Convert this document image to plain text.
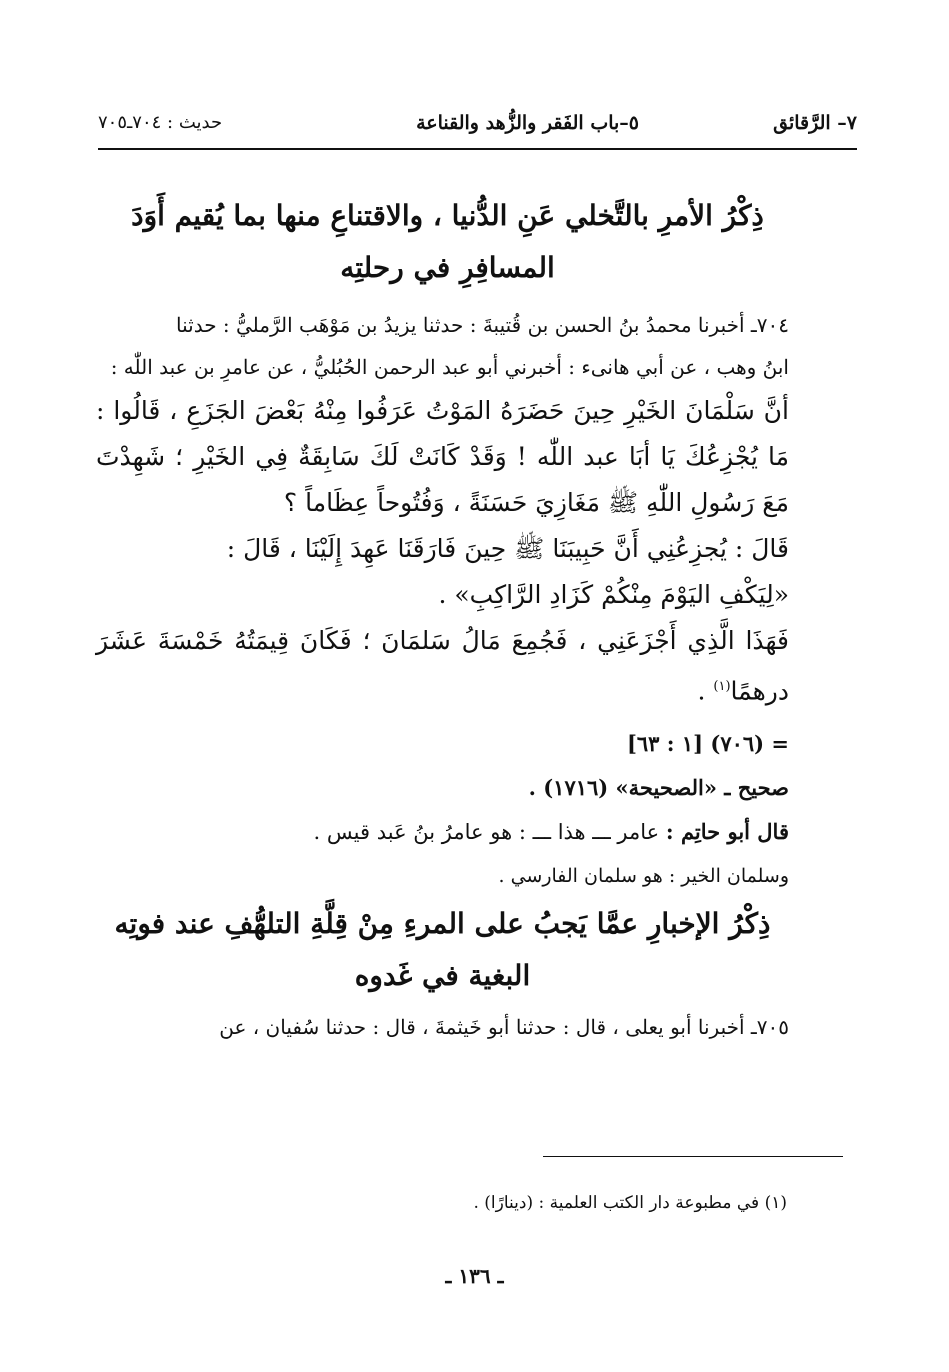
٧– الرَّقائق
٥–باب الفَقر والزُّهد والقناعة
حديث : ٧٠٤ـ٧٠٥

ذِكْرُ الأمرِ بالتَّخلي عَنِ الدُّنيا ، والاقتناعِ منها بما يُقيم أَوَدَ المسافِرِ في رحلتِه

٧٠٤ـ أخبرنا محمدُ بنُ الحسن بن قُتيبةَ : حدثنا يزيدُ بن مَوْهَب الرَّمليُّ : حدثنا

ابنُ وهب ، عن أبي هانىء : أخبرني أبو عبد الرحمن الحُبُليُّ ، عن عامرِ بن عبد اللّٰه :

أنَّ سَلْمَانَ الخَيْرِ حِينَ حَضَرَهُ المَوْتُ عَرَفُوا مِنْهُ بَعْضَ الجَزَعِ ، قَالُوا : مَا يُجْزِعُكَ يَا أبَا عبد اللّٰه ! وَقَدْ كَانَتْ لَكَ سَابِقَةٌ فِي الخَيْرِ ؛ شَهِدْتَ مَعَ رَسُولِ اللّٰهِ ﷺ مَغَازِيَ حَسَنَةً ، وَفُتُوحاً عِظَاماً ؟

قَالَ : يُجزِعُنِي أَنَّ حَبِيبَنَا ﷺ حِينَ فَارَقَنَا عَهِدَ إِلَيْنَا ، قَالَ :

«لِيَكْفِ اليَوْمَ مِنْكُمْ كَزَادِ الرَّاكِبِ» .

فَهَذَا الَّذِي أَجْزَعَنِي ، فَجُمِعَ مَالُ سَلمَانَ ؛ فَكَانَ قِيمَتُهُ خَمْسَةَ عَشَرَ درهمًا$^{(١)}$ .

= (٧٠٦) [١ : ٦٣]

صحيح ـ «الصحيحة» (١٧١٦) .

قال أبو حاتِم : عامر ـــ هذا ـــ : هو عامرُ بنُ عَبد قيس .

وسلمان الخير : هو سلمان الفارسي .

ذِكْرُ الإخبارِ عمَّا يَجبُ على المرءِ مِنْ قِلَّةِ التلهُّفِ عند فوتِه البغية في غَدوه

٧٠٥ـ أخبرنا أبو يعلى ، قال : حدثنا أبو خَيثمةَ ، قال : حدثنا سُفيان ، عن

(١) في مطبوعة دار الكتب العلمية : (دينارًا) .
ـ ١٣٦ ـ
